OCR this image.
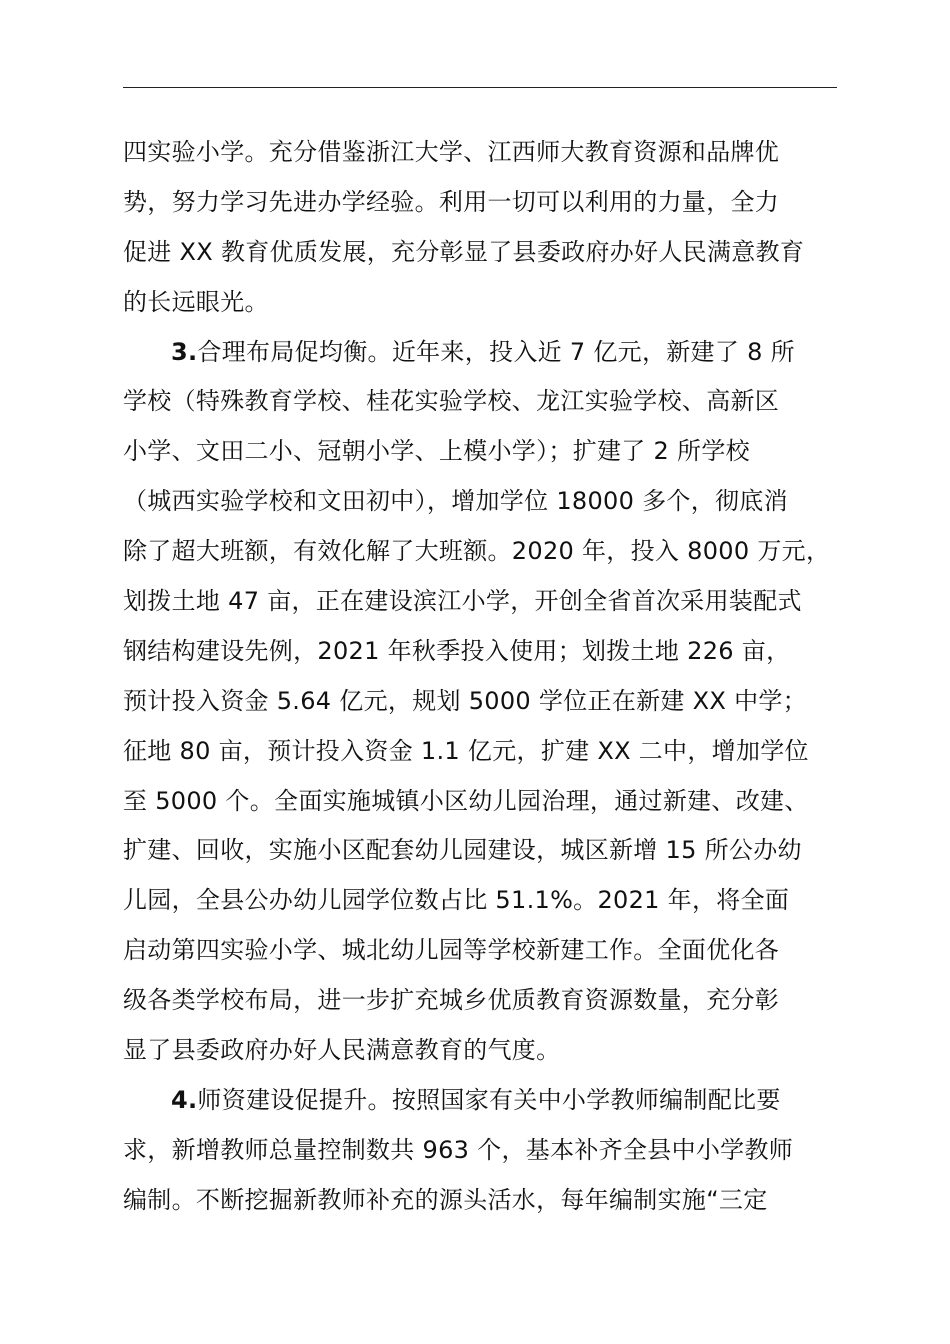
四实验小学。充分借鉴浙江大学、江西师大教育资源和品牌优
势，努力学习先进办学经验。利用一切可以利用的力量，全力
促进 XX 教育优质发展，充分彰显了县委政府办好人民满意教育
的长远眼光。
3.合理布局促均衡。近年来，投入近 7 亿元，新建了 8 所
学校（特殊教育学校、桂花实验学校、龙江实验学校、高新区
小学、文田二小、冠朝小学、上模小学）；扩建了 2 所学校
（城西实验学校和文田初中），增加学位 18000 多个，彻底消
除了超大班额，有效化解了大班额。2020 年，投入 8000 万元，
划拨土地 47 亩，正在建设滨江小学，开创全省首次采用装配式
钢结构建设先例，2021 年秋季投入使用；划拨土地 226 亩，
预计投入资金 5.64 亿元，规划 5000 学位正在新建 XX 中学；
征地 80 亩，预计投入资金 1.1 亿元，扩建 XX 二中，增加学位
至 5000 个。全面实施城镇小区幼儿园治理，通过新建、改建、
扩建、回收，实施小区配套幼儿园建设，城区新增 15 所公办幼
儿园，全县公办幼儿园学位数占比 51.1%。2021 年，将全面
启动第四实验小学、城北幼儿园等学校新建工作。全面优化各
级各类学校布局，进一步扩充城乡优质教育资源数量，充分彰
显了县委政府办好人民满意教育的气度。
4.师资建设促提升。按照国家有关中小学教师编制配比要
求，新增教师总量控制数共 963 个，基本补齐全县中小学教师
编制。不断挖掘新教师补充的源头活水，每年编制实施“三定
